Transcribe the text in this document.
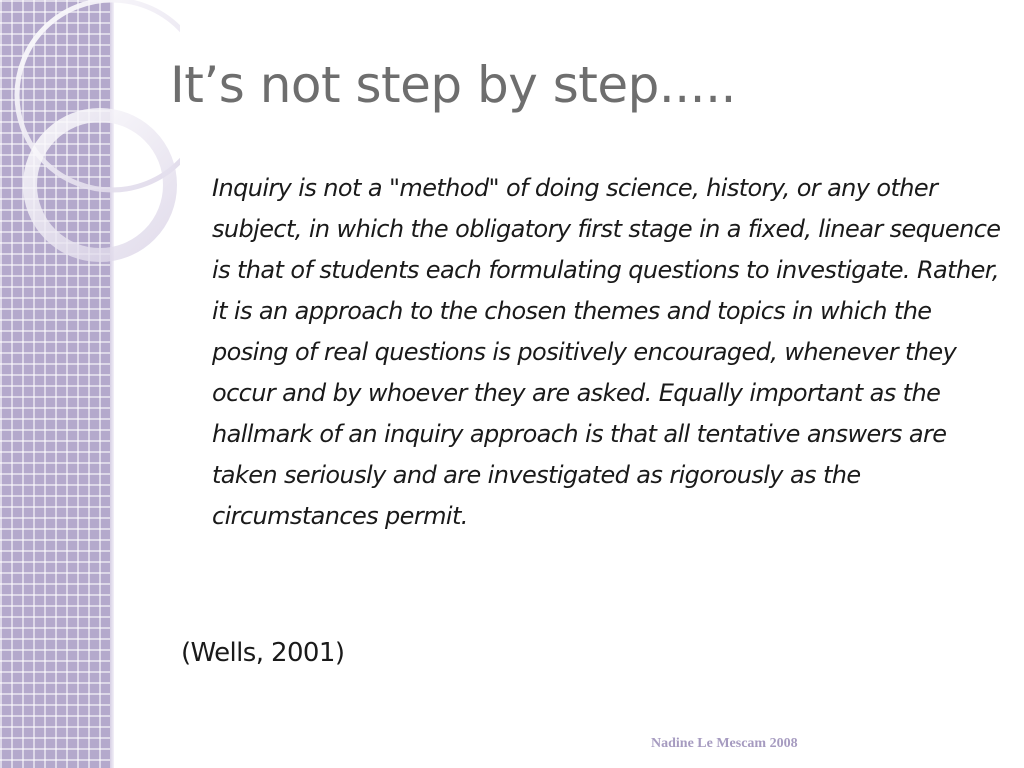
It’s not step by step.....

Inquiry is not a "method" of doing science, history, or any other subject, in which the obligatory first stage in a fixed, linear sequence is that of students each formulating questions to investigate. Rather, it is an approach to the chosen themes and topics in which the posing of real questions is positively encouraged, whenever they occur and by whoever they are asked. Equally important as the hallmark of an inquiry approach is that all tentative answers are taken seriously and are investigated as rigorously as the circumstances permit.

(Wells, 2001)

Nadine Le Mescam 2008
